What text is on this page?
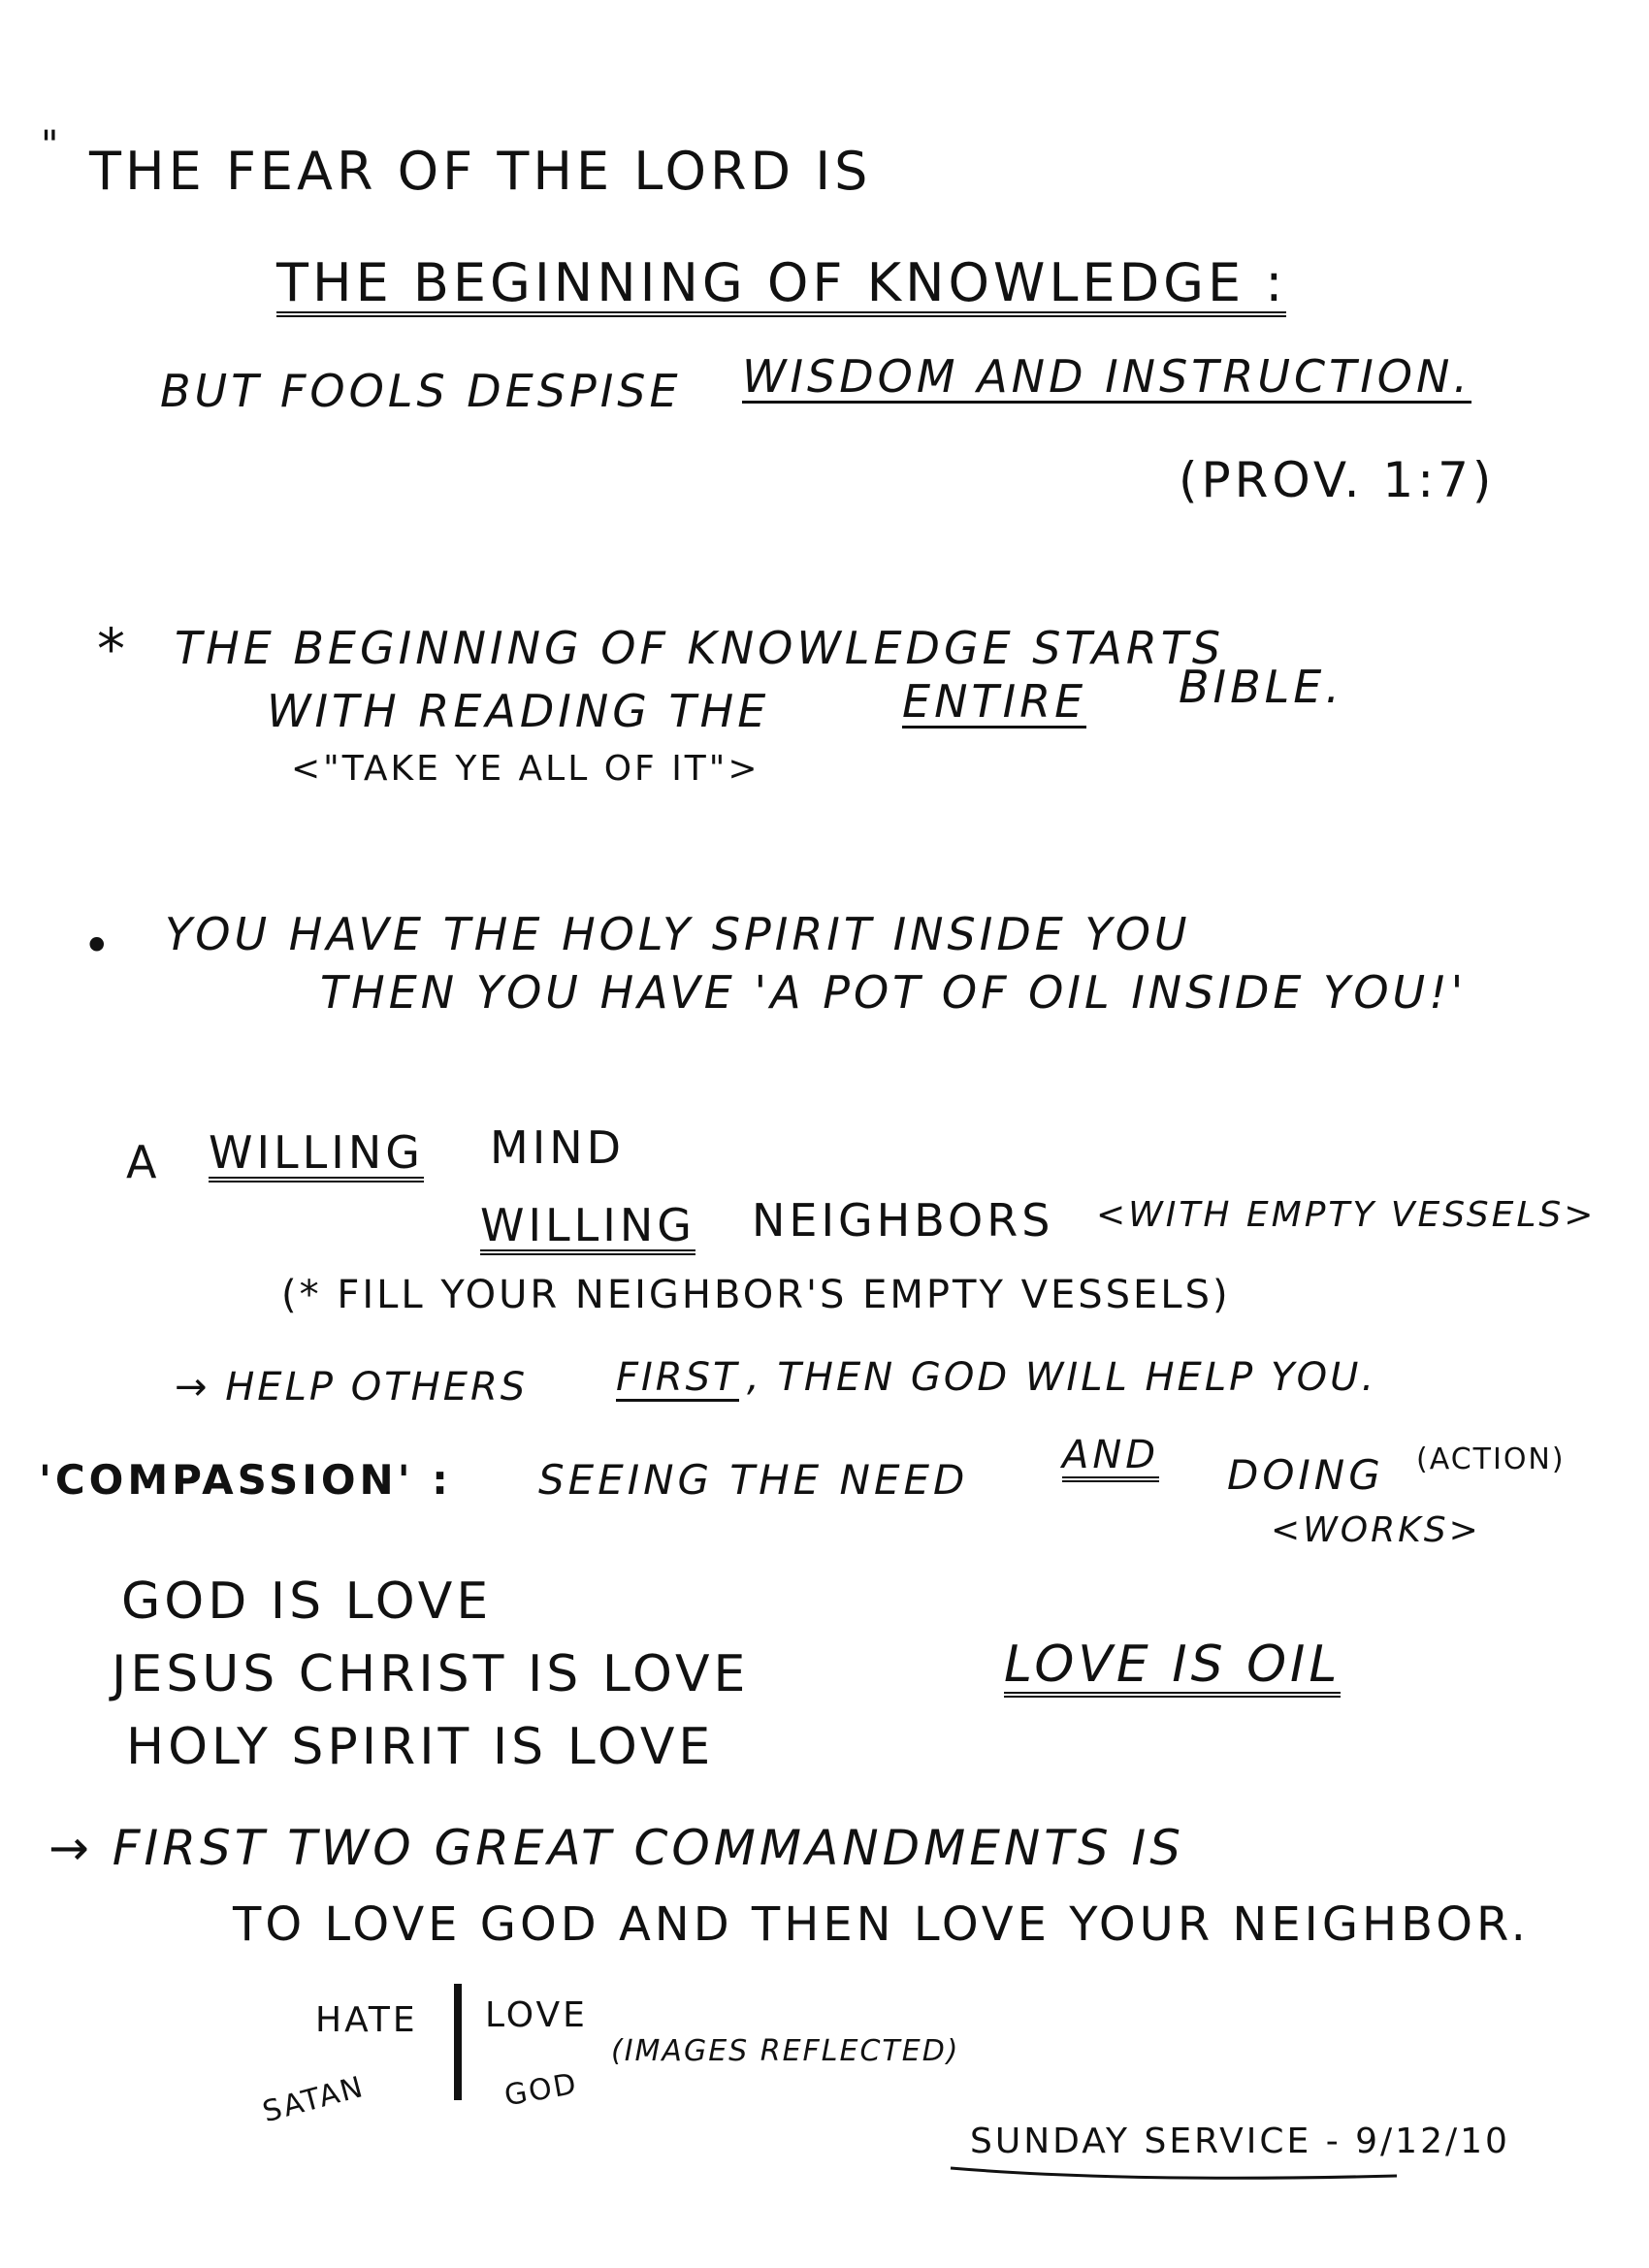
" THE FEAR OF THE LORD IS
THE BEGINNING OF KNOWLEDGE :
BUT FOOLS DESPISE WISDOM AND INSTRUCTION.
(PROV. 1:7)
* THE BEGINNING OF KNOWLEDGE STARTS
WITH READING THE	ENTIRE BIBLE.
<"TAKE YE ALL OF IT">
• YOU HAVE THE HOLY SPIRIT INSIDE YOU
THEN YOU HAVE 'A POT OF OIL INSIDE YOU!'
A WILLING MIND
WILLING NEIGHBORS <WITH EMPTY VESSELS>
(* FILL YOUR NEIGHBOR'S EMPTY VESSELS)
→ HELP OTHERS FIRST , THEN GOD WILL HELP YOU.
'COMPASSION' : SEEING THE NEED
AND DOING (ACTION)
<WORKS>
GOD IS LOVE
JESUS CHRIST IS LOVE	LOVE IS OIL
HOLY SPIRIT IS LOVE
→ FIRST TWO GREAT COMMANDMENTS IS
TO LOVE GOD AND THEN LOVE YOUR NEIGHBOR.
HATE
SATAN
LOVE
GOD
(IMAGES REFLECTED)
SUNDAY SERVICE - 9/12/10
